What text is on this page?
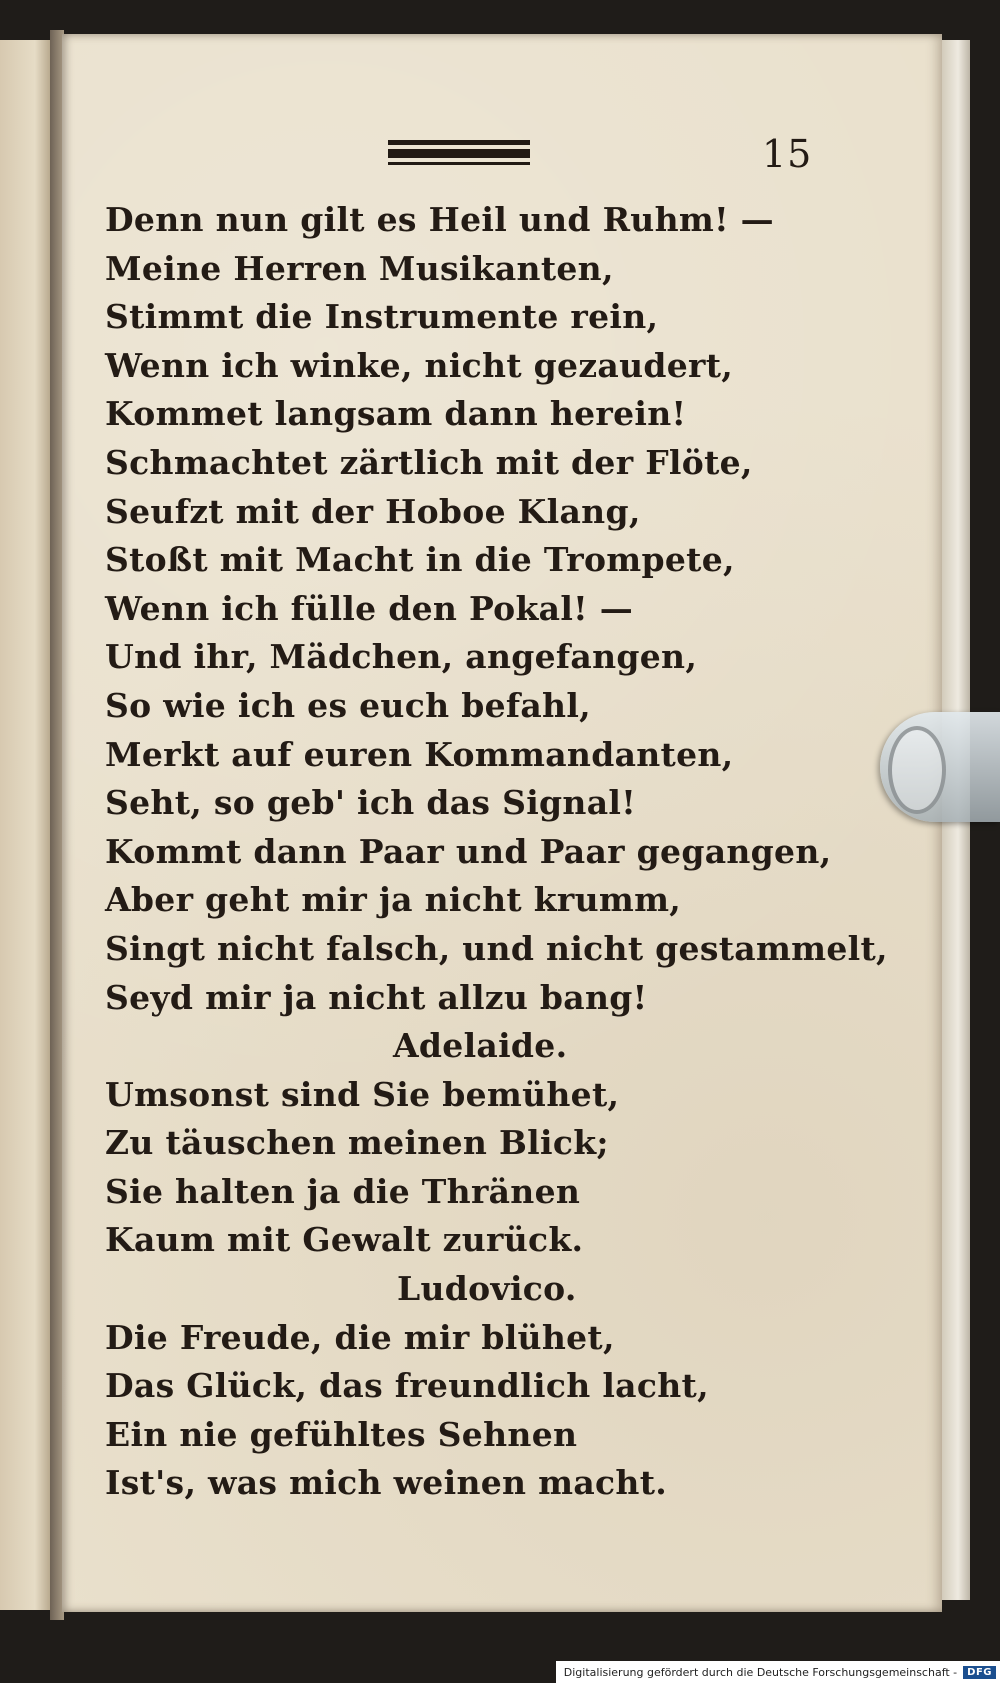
15
Denn nun gilt es Heil und Ruhm! —
Meine Herren Musikanten,
Stimmt die Instrumente rein,
Wenn ich winke, nicht gezaudert,
Kommet langsam dann herein!
Schmachtet zärtlich mit der Flöte,
Seufzt mit der Hoboe Klang,
Stoßt mit Macht in die Trompete,
Wenn ich fülle den Pokal! —
Und ihr, Mädchen, angefangen,
So wie ich es euch befahl,
Merkt auf euren Kommandanten,
Seht, so geb' ich das Signal!
Kommt dann Paar und Paar gegangen,
Aber geht mir ja nicht krumm,
Singt nicht falsch, und nicht gestammelt,
Seyd mir ja nicht allzu bang!
Adelaide.
Umsonst sind Sie bemühet,
Zu täuschen meinen Blick;
Sie halten ja die Thränen
Kaum mit Gewalt zurück.
Ludovico.
Die Freude, die mir blühet,
Das Glück, das freundlich lacht,
Ein nie gefühltes Sehnen
Ist's, was mich weinen macht.
Digitalisierung gefördert durch die Deutsche Forschungsgemeinschaft -	DFG
